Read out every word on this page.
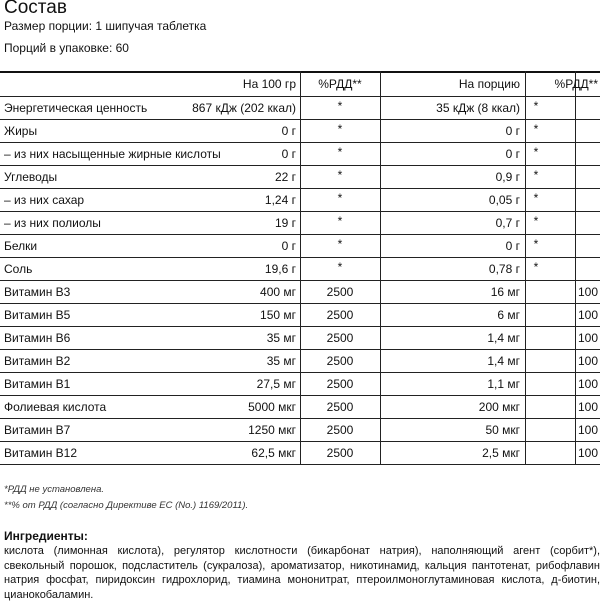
Состав
Размер порции: 1 шипучая таблетка
Порций в упаковке: 60
На 100 гр	%РДД**	На порцию	%РДД**
Энергетическая ценность	867 кДж (202 ккал)	*	35 кДж (8 ккал)	*
Жиры	0 г	*	0 г	*
– из них насыщенные жирные кислоты	0 г	*	0 г	*
Углеводы	22 г	*	0,9 г	*
– из них сахар	1,24 г	*	0,05 г	*
– из них полиолы	19 г	*	0,7 г	*
Белки	0 г	*	0 г	*
Соль	19,6 г	*	0,78 г	*
Витамин B3	400 мг	2500	16 мг	100
Витамин B5	150 мг	2500	6 мг	100
Витамин B6	35 мг	2500	1,4 мг	100
Витамин B2	35 мг	2500	1,4 мг	100
Витамин B1	27,5 мг	2500	1,1 мг	100
Фолиевая кислота	5000 мкг	2500	200 мкг	100
Витамин B7	1250 мкг	2500	50 мкг	100
Витамин B12	62,5 мкг	2500	2,5 мкг	100
*РДД не установлена.
**% от РДД (согласно Директиве ЕС (No.) 1169/2011).
Ингредиенты:
кислота (лимонная кислота), регулятор кислотности (бикарбонат натрия), наполняющий агент (сорбит*), свекольный порошок, подсластитель (сукралоза), ароматизатор, никотинамид, кальция пантотенат, рибофлавин натрия фосфат, пиридоксин гидрохлорид, тиамина мононитрат, птероилмоноглутаминовая кислота, д-биотин, цианокобаламин.
